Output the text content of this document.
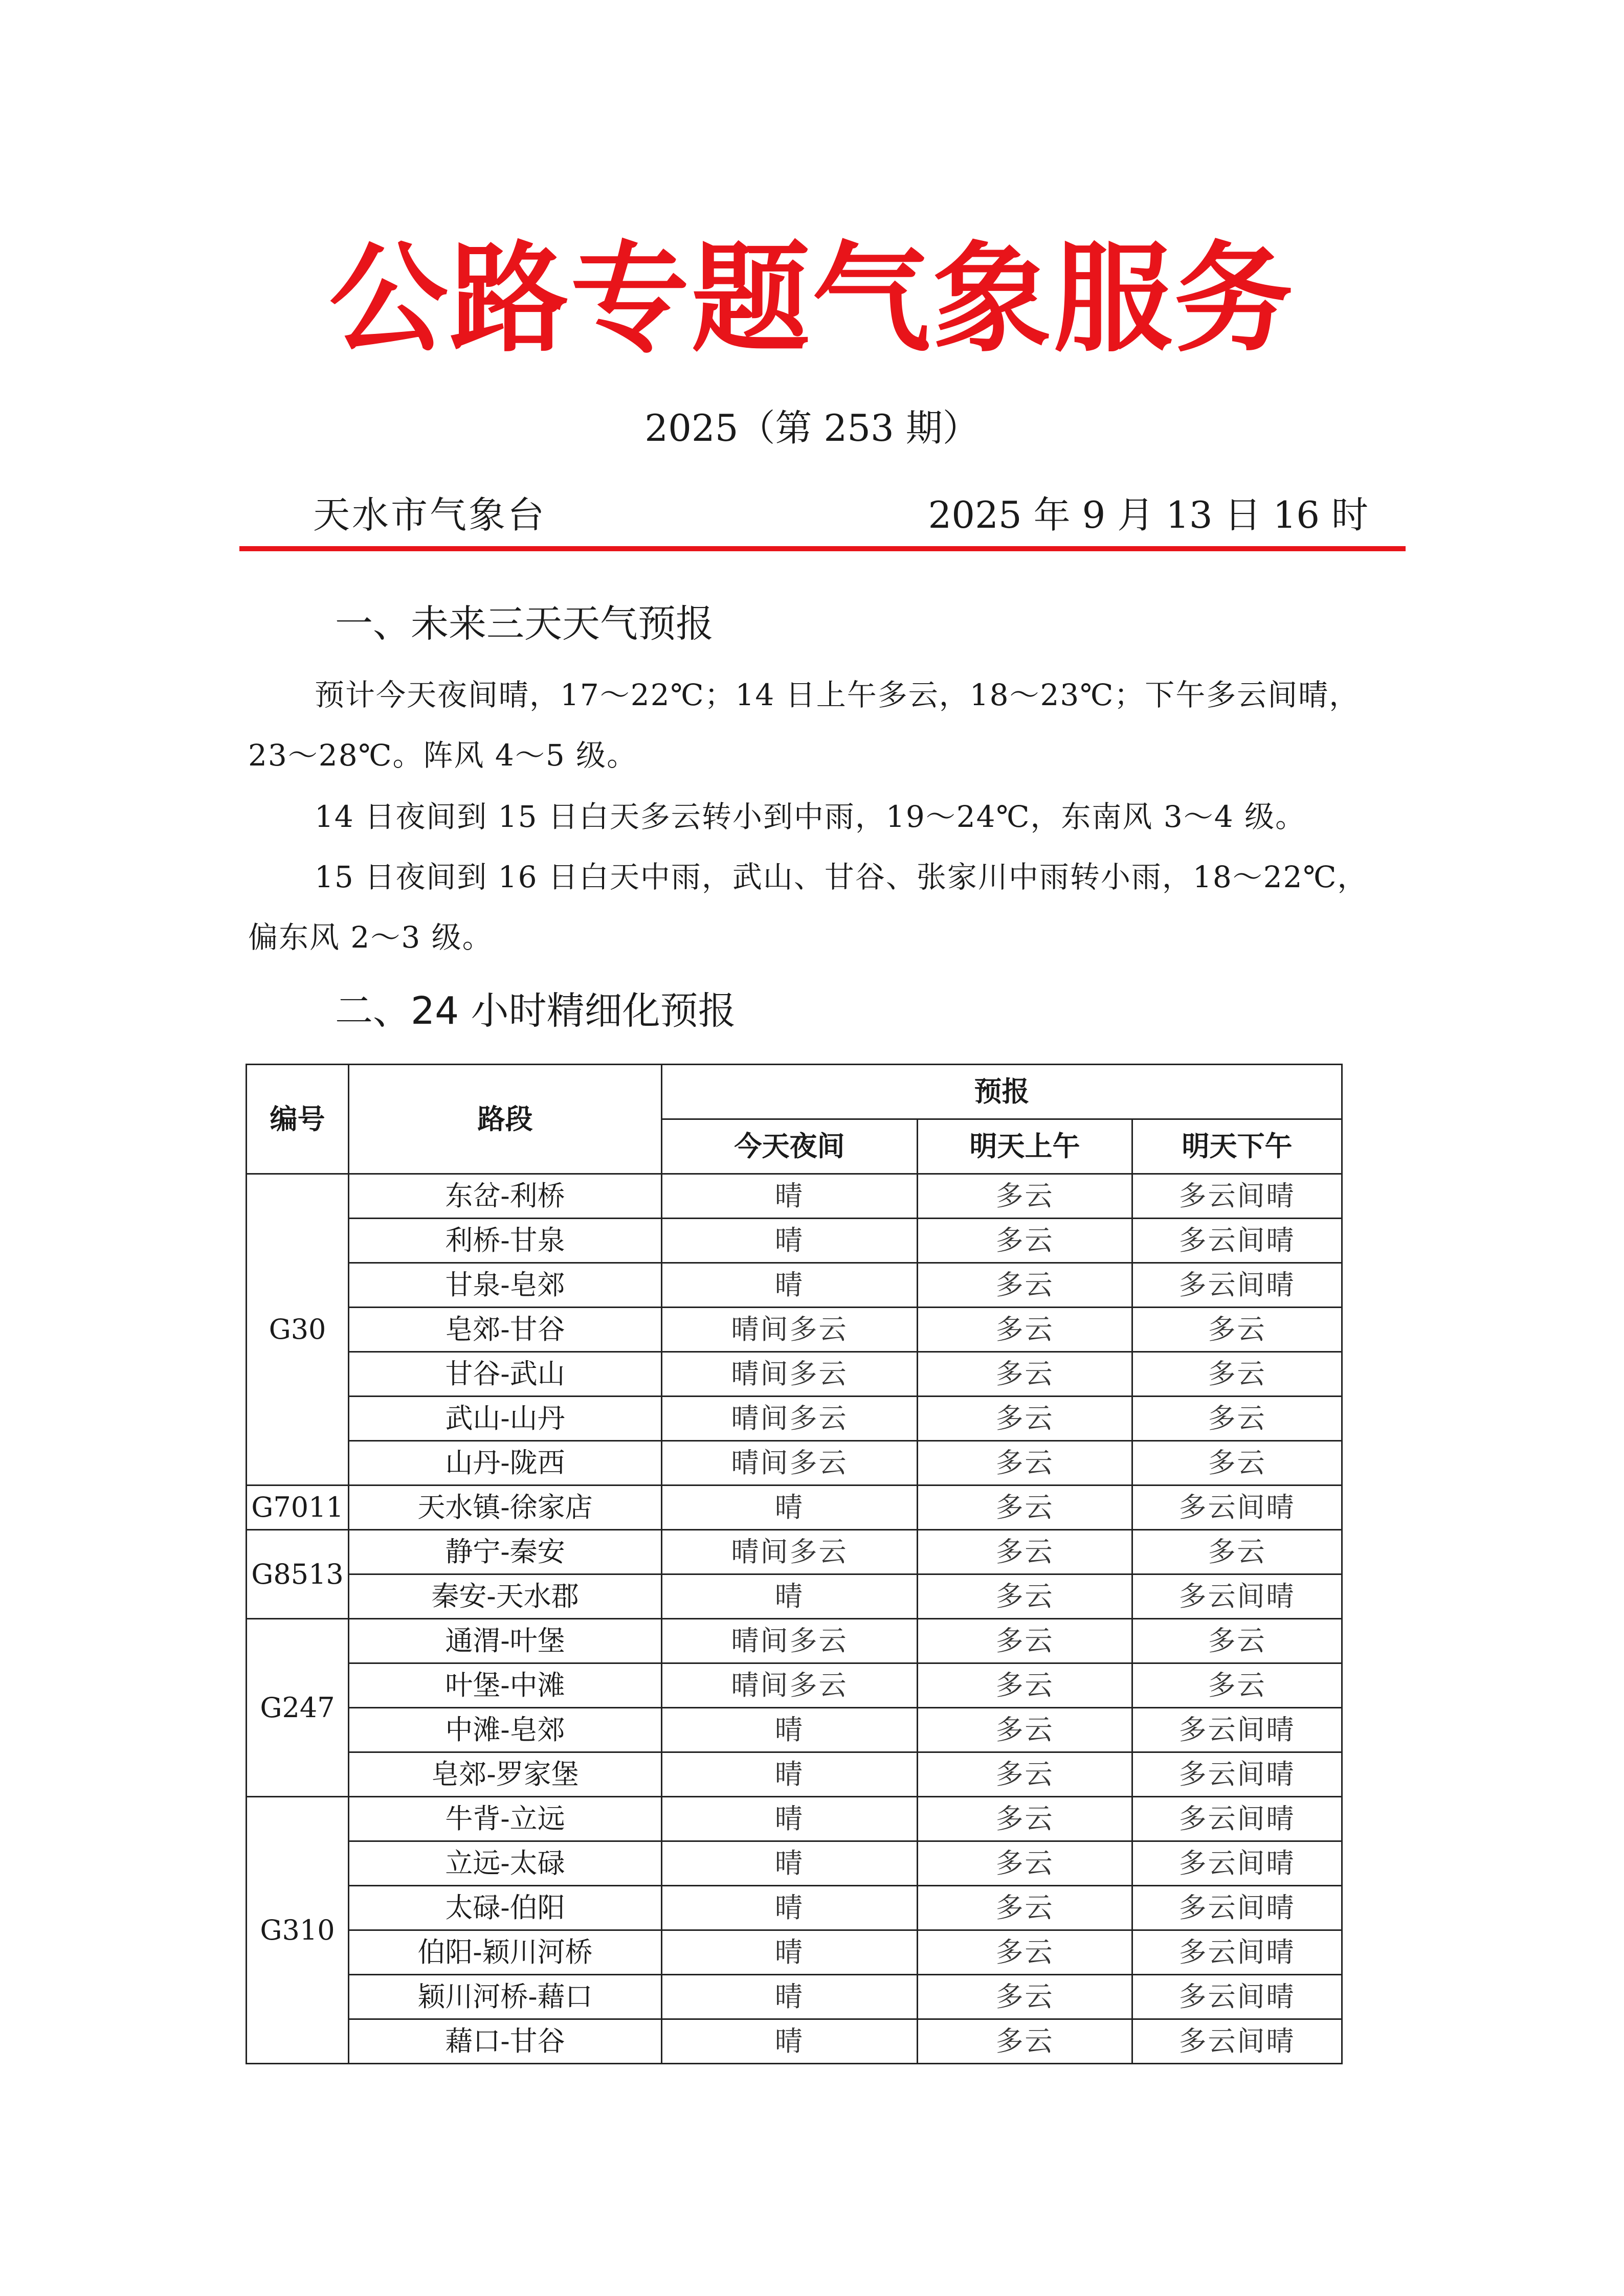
公路专题气象服务
2025（第 253 期）
天水市气象台	2025 年 9 月 13 日 16 时
一、未来三天天气预报
预计今天夜间晴，17～22℃；14 日上午多云，18～23℃；下午多云间晴，23～28℃。阵风 4～5 级。
14 日夜间到 15 日白天多云转小到中雨，19～24℃，东南风 3～4 级。
15 日夜间到 16 日白天中雨，武山、甘谷、张家川中雨转小雨，18～22℃，偏东风 2～3 级。
二、24 小时精细化预报
编号	路段	预报		
		今天夜间	明天上午	明天下午
G30	东岔-利桥	晴	多云	多云间晴
	利桥-甘泉	晴	多云	多云间晴
	甘泉-皂郊	晴	多云	多云间晴
	皂郊-甘谷	晴间多云	多云	多云
	甘谷-武山	晴间多云	多云	多云
	武山-山丹	晴间多云	多云	多云
	山丹-陇西	晴间多云	多云	多云
G7011	天水镇-徐家店	晴	多云	多云间晴
G8513	静宁-秦安	晴间多云	多云	多云
	秦安-天水郡	晴	多云	多云间晴
G247	通渭-叶堡	晴间多云	多云	多云
	叶堡-中滩	晴间多云	多云	多云
	中滩-皂郊	晴	多云	多云间晴
	皂郊-罗家堡	晴	多云	多云间晴
G310	牛背-立远	晴	多云	多云间晴
	立远-太碌	晴	多云	多云间晴
	太碌-伯阳	晴	多云	多云间晴
	伯阳-颖川河桥	晴	多云	多云间晴
	颖川河桥-藉口	晴	多云	多云间晴
	藉口-甘谷	晴	多云	多云间晴
